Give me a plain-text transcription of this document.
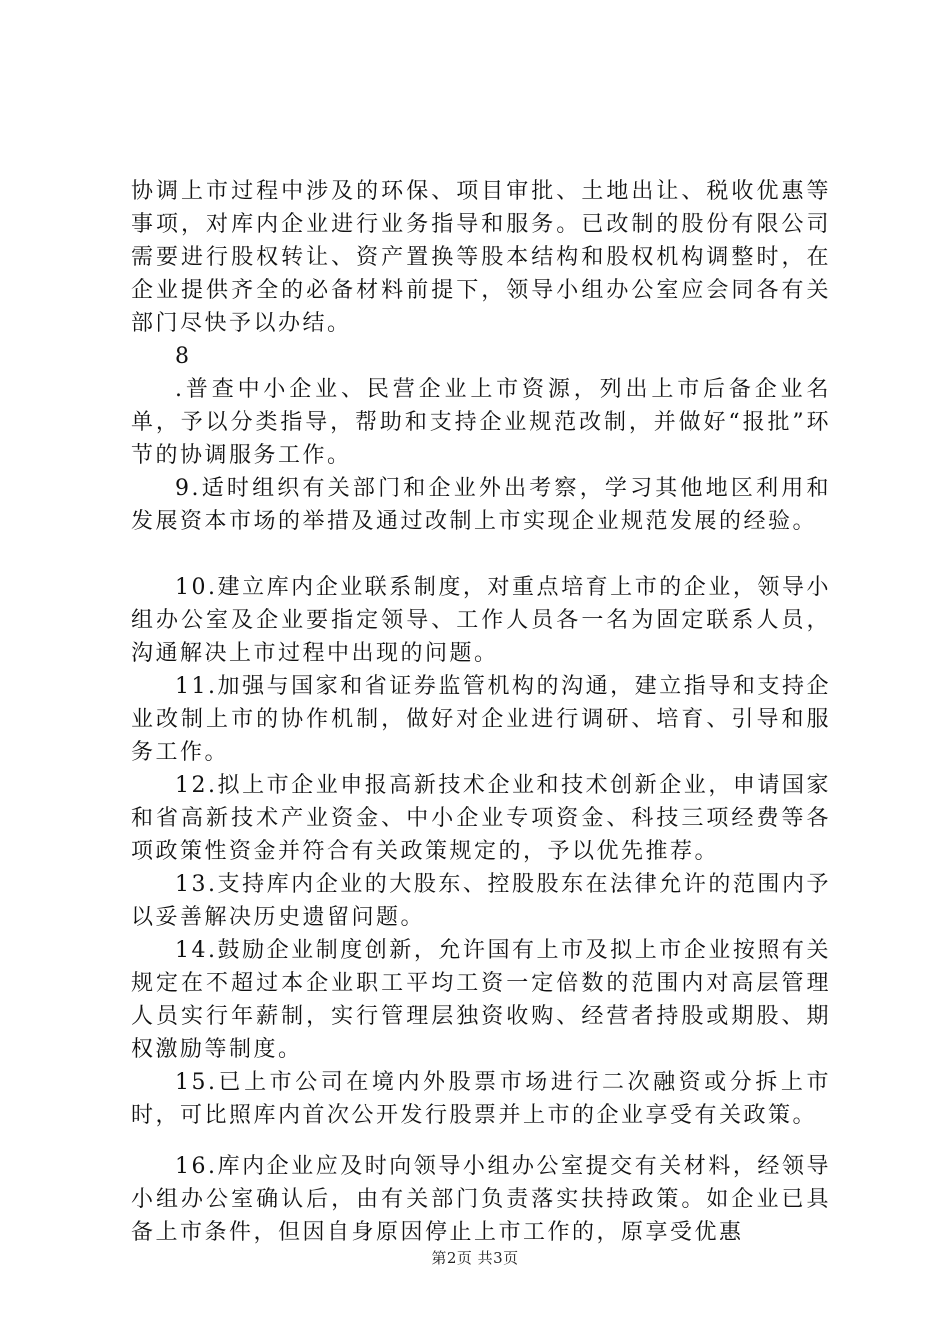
协调上市过程中涉及的环保、项目审批、土地出让、税收优惠等事项，对库内企业进行业务指导和服务。已改制的股份有限公司需要进行股权转让、资产置换等股本结构和股权机构调整时，在企业提供齐全的必备材料前提下，领导小组办公室应会同各有关部门尽快予以办结。

8

.普查中小企业、民营企业上市资源，列出上市后备企业名单，予以分类指导，帮助和支持企业规范改制，并做好“报批”环节的协调服务工作。

9.适时组织有关部门和企业外出考察，学习其他地区利用和发展资本市场的举措及通过改制上市实现企业规范发展的经验。

10.建立库内企业联系制度，对重点培育上市的企业，领导小组办公室及企业要指定领导、工作人员各一名为固定联系人员，沟通解决上市过程中出现的问题。

11.加强与国家和省证券监管机构的沟通，建立指导和支持企业改制上市的协作机制，做好对企业进行调研、培育、引导和服务工作。

12.拟上市企业申报高新技术企业和技术创新企业，申请国家和省高新技术产业资金、中小企业专项资金、科技三项经费等各项政策性资金并符合有关政策规定的，予以优先推荐。

13.支持库内企业的大股东、控股股东在法律允许的范围内予以妥善解决历史遗留问题。

14.鼓励企业制度创新，允许国有上市及拟上市企业按照有关规定在不超过本企业职工平均工资一定倍数的范围内对高层管理人员实行年薪制，实行管理层独资收购、经营者持股或期股、期权激励等制度。

15.已上市公司在境内外股票市场进行二次融资或分拆上市时，可比照库内首次公开发行股票并上市的企业享受有关政策。

16.库内企业应及时向领导小组办公室提交有关材料，经领导小组办公室确认后，由有关部门负责落实扶持政策。如企业已具备上市条件，但因自身原因停止上市工作的，原享受优惠

第2页 共3页
